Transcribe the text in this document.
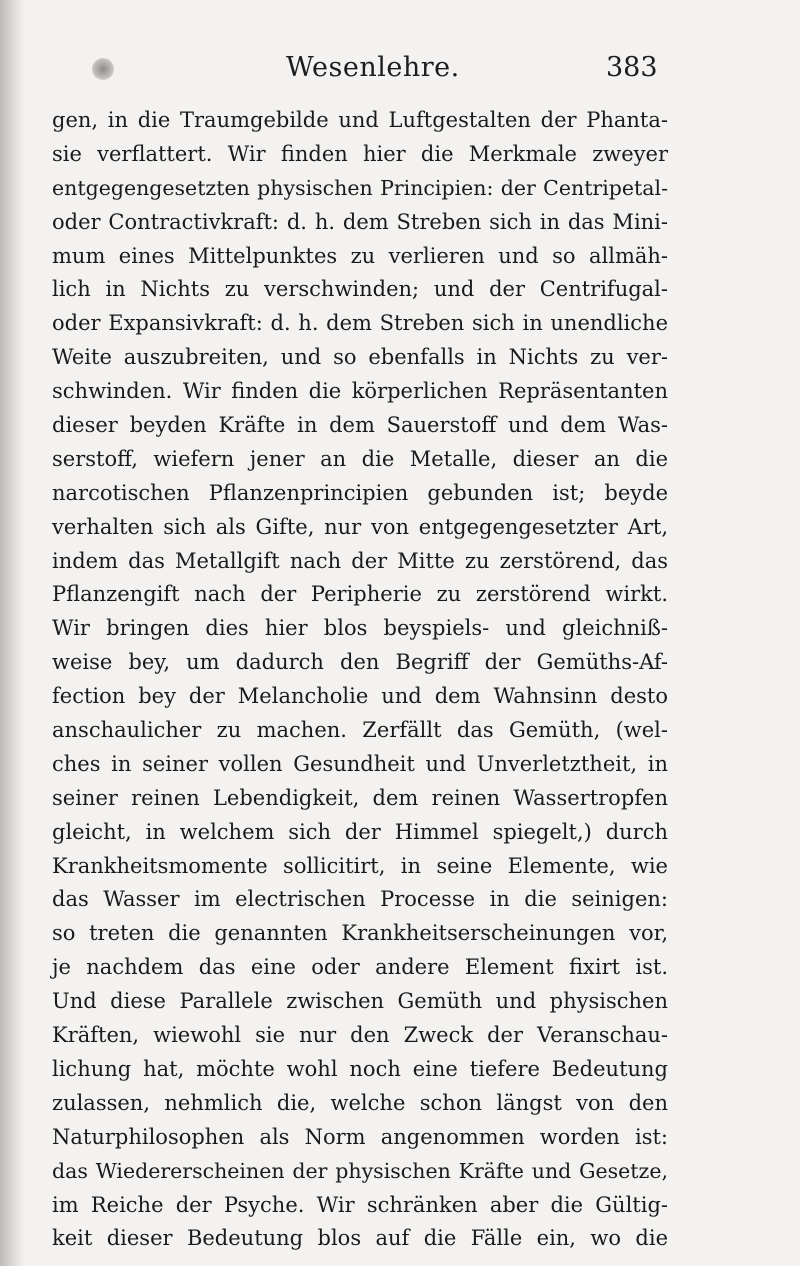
Wesenlehre.	383
gen, in die Traumgebilde und Luftgestalten der Phanta-
sie verflattert. Wir finden hier die Merkmale zweyer
entgegengesetzten physischen Principien: der Centripetal-
oder Contractivkraft: d. h. dem Streben sich in das Mini-
mum eines Mittelpunktes zu verlieren und so allmäh-
lich in Nichts zu verschwinden; und der Centrifugal-
oder Expansivkraft: d. h. dem Streben sich in unendliche
Weite auszubreiten, und so ebenfalls in Nichts zu ver-
schwinden. Wir finden die körperlichen Repräsentanten
dieser beyden Kräfte in dem Sauerstoff und dem Was-
serstoff, wiefern jener an die Metalle, dieser an die
narcotischen Pflanzenprincipien gebunden ist; beyde
verhalten sich als Gifte, nur von entgegengesetzter Art,
indem das Metallgift nach der Mitte zu zerstörend, das
Pflanzengift nach der Peripherie zu zerstörend wirkt.
Wir bringen dies hier blos beyspiels- und gleichniß-
weise bey, um dadurch den Begriff der Gemüths-Af-
fection bey der Melancholie und dem Wahnsinn desto
anschaulicher zu machen. Zerfällt das Gemüth, (wel-
ches in seiner vollen Gesundheit und Unverletztheit, in
seiner reinen Lebendigkeit, dem reinen Wassertropfen
gleicht, in welchem sich der Himmel spiegelt,) durch
Krankheitsmomente sollicitirt, in seine Elemente, wie
das Wasser im electrischen Processe in die seinigen:
so treten die genannten Krankheitserscheinungen vor,
je nachdem das eine oder andere Element fixirt ist.
Und diese Parallele zwischen Gemüth und physischen
Kräften, wiewohl sie nur den Zweck der Veranschau-
lichung hat, möchte wohl noch eine tiefere Bedeutung
zulassen, nehmlich die, welche schon längst von den
Naturphilosophen als Norm angenommen worden ist:
das Wiedererscheinen der physischen Kräfte und Gesetze,
im Reiche der Psyche. Wir schränken aber die Gültig-
keit dieser Bedeutung blos auf die Fälle ein, wo die
